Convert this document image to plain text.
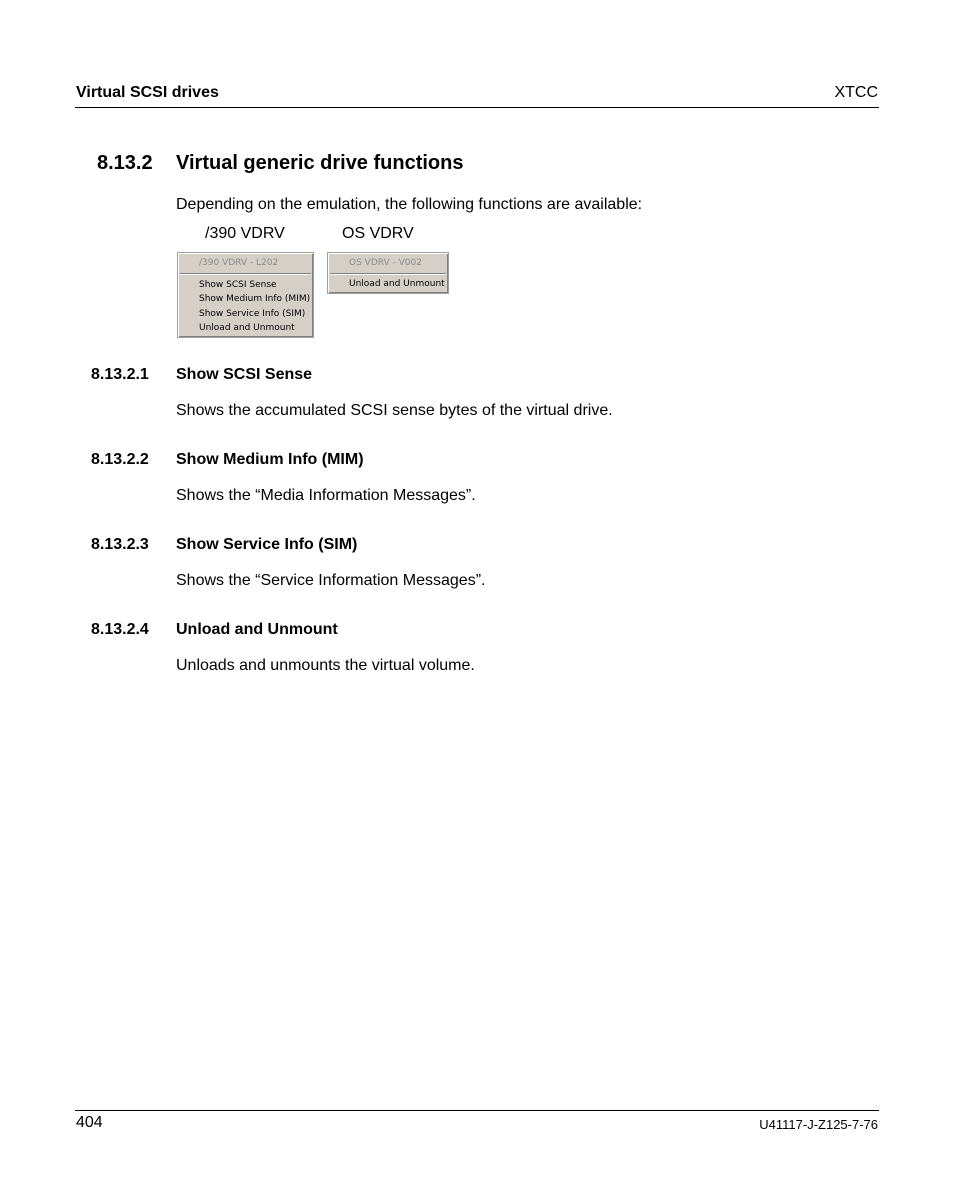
Virtual SCSI drives	XTCC
8.13.2 Virtual generic drive functions
Depending on the emulation, the following functions are available:
/390 VDRV	OS VDRV
/390 VDRV - L202
Show SCSI Sense
Show Medium Info (MIM)
Show Service Info (SIM)
Unload and Unmount
OS VDRV - V002
Unload and Unmount
8.13.2.1 Show SCSI Sense
Shows the accumulated SCSI sense bytes of the virtual drive.
8.13.2.2 Show Medium Info (MIM)
Shows the “Media Information Messages”.
8.13.2.3 Show Service Info (SIM)
Shows the “Service Information Messages”.
8.13.2.4 Unload and Unmount
Unloads and unmounts the virtual volume.
404	U41117-J-Z125-7-76
